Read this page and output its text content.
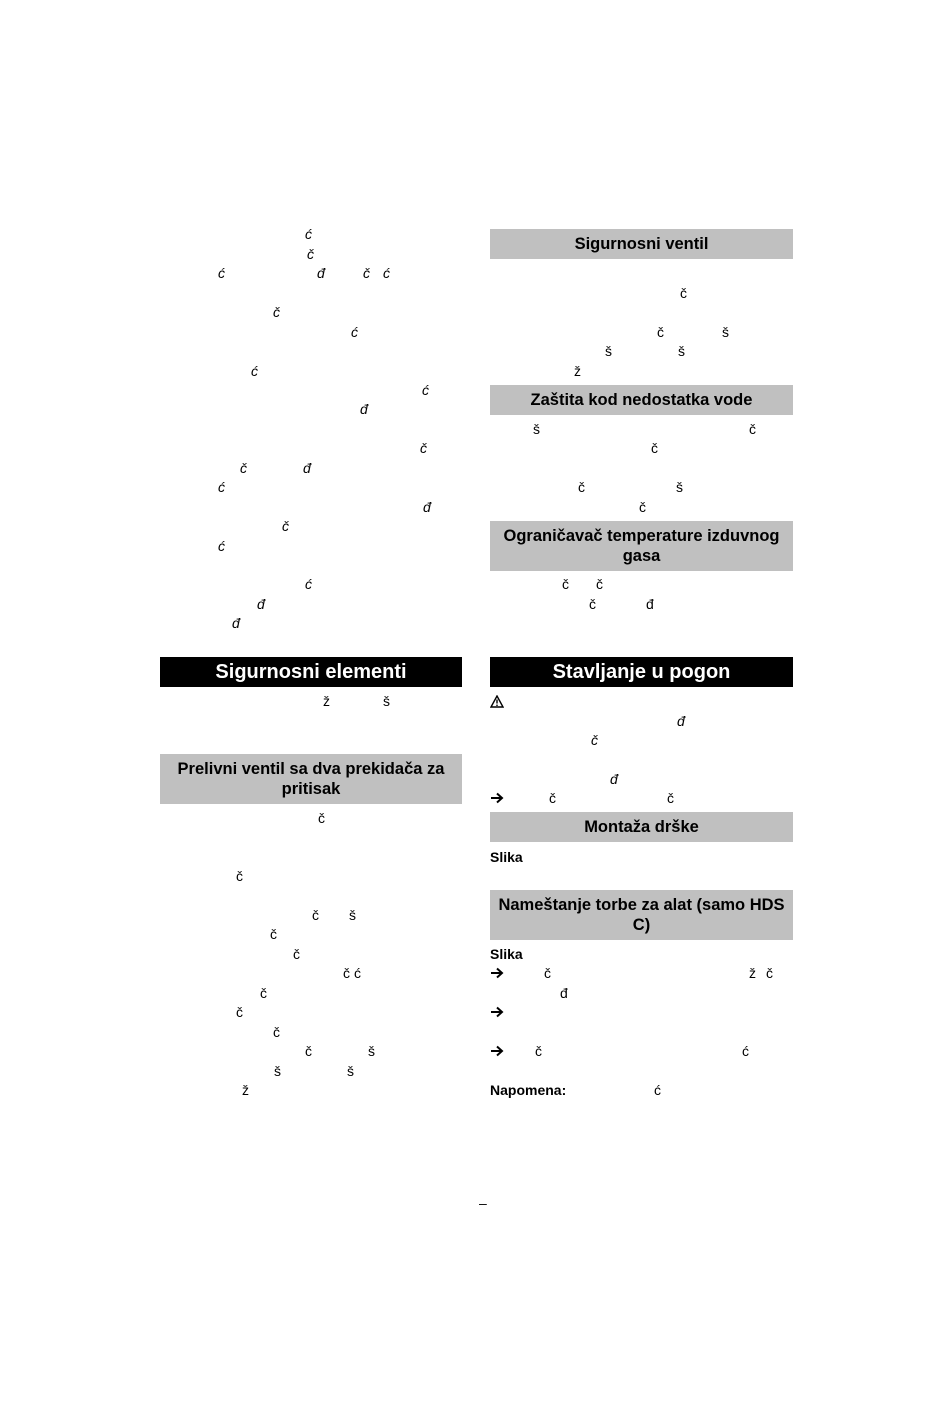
ć
č
ć	đ	č ć
č
ć
ć
ć
đ
č
č	đ
ć
đ
č
ć
ć
đ
đ
Sigurnosni elementi
ž	š
Prelivni ventil sa dva prekidača za pritisak
č
č
č š
č
č
č ć
č
č
č
č	š
š	š
ž
Sigurnosni ventil
č
č	š
š	š
ž
Zaštita kod nedostatka vode
š	č
č
č	š
č
Ograničavač temperature izduvnog gasa
č č
č	đ
Stavljanje u pogon
đ
č
đ
č	č
Montaža drške
Slika
Nameštanje torbe za alat (samo HDS C)
Slika
č	ž č
đ
č	ć
Napomena:	ć
–
